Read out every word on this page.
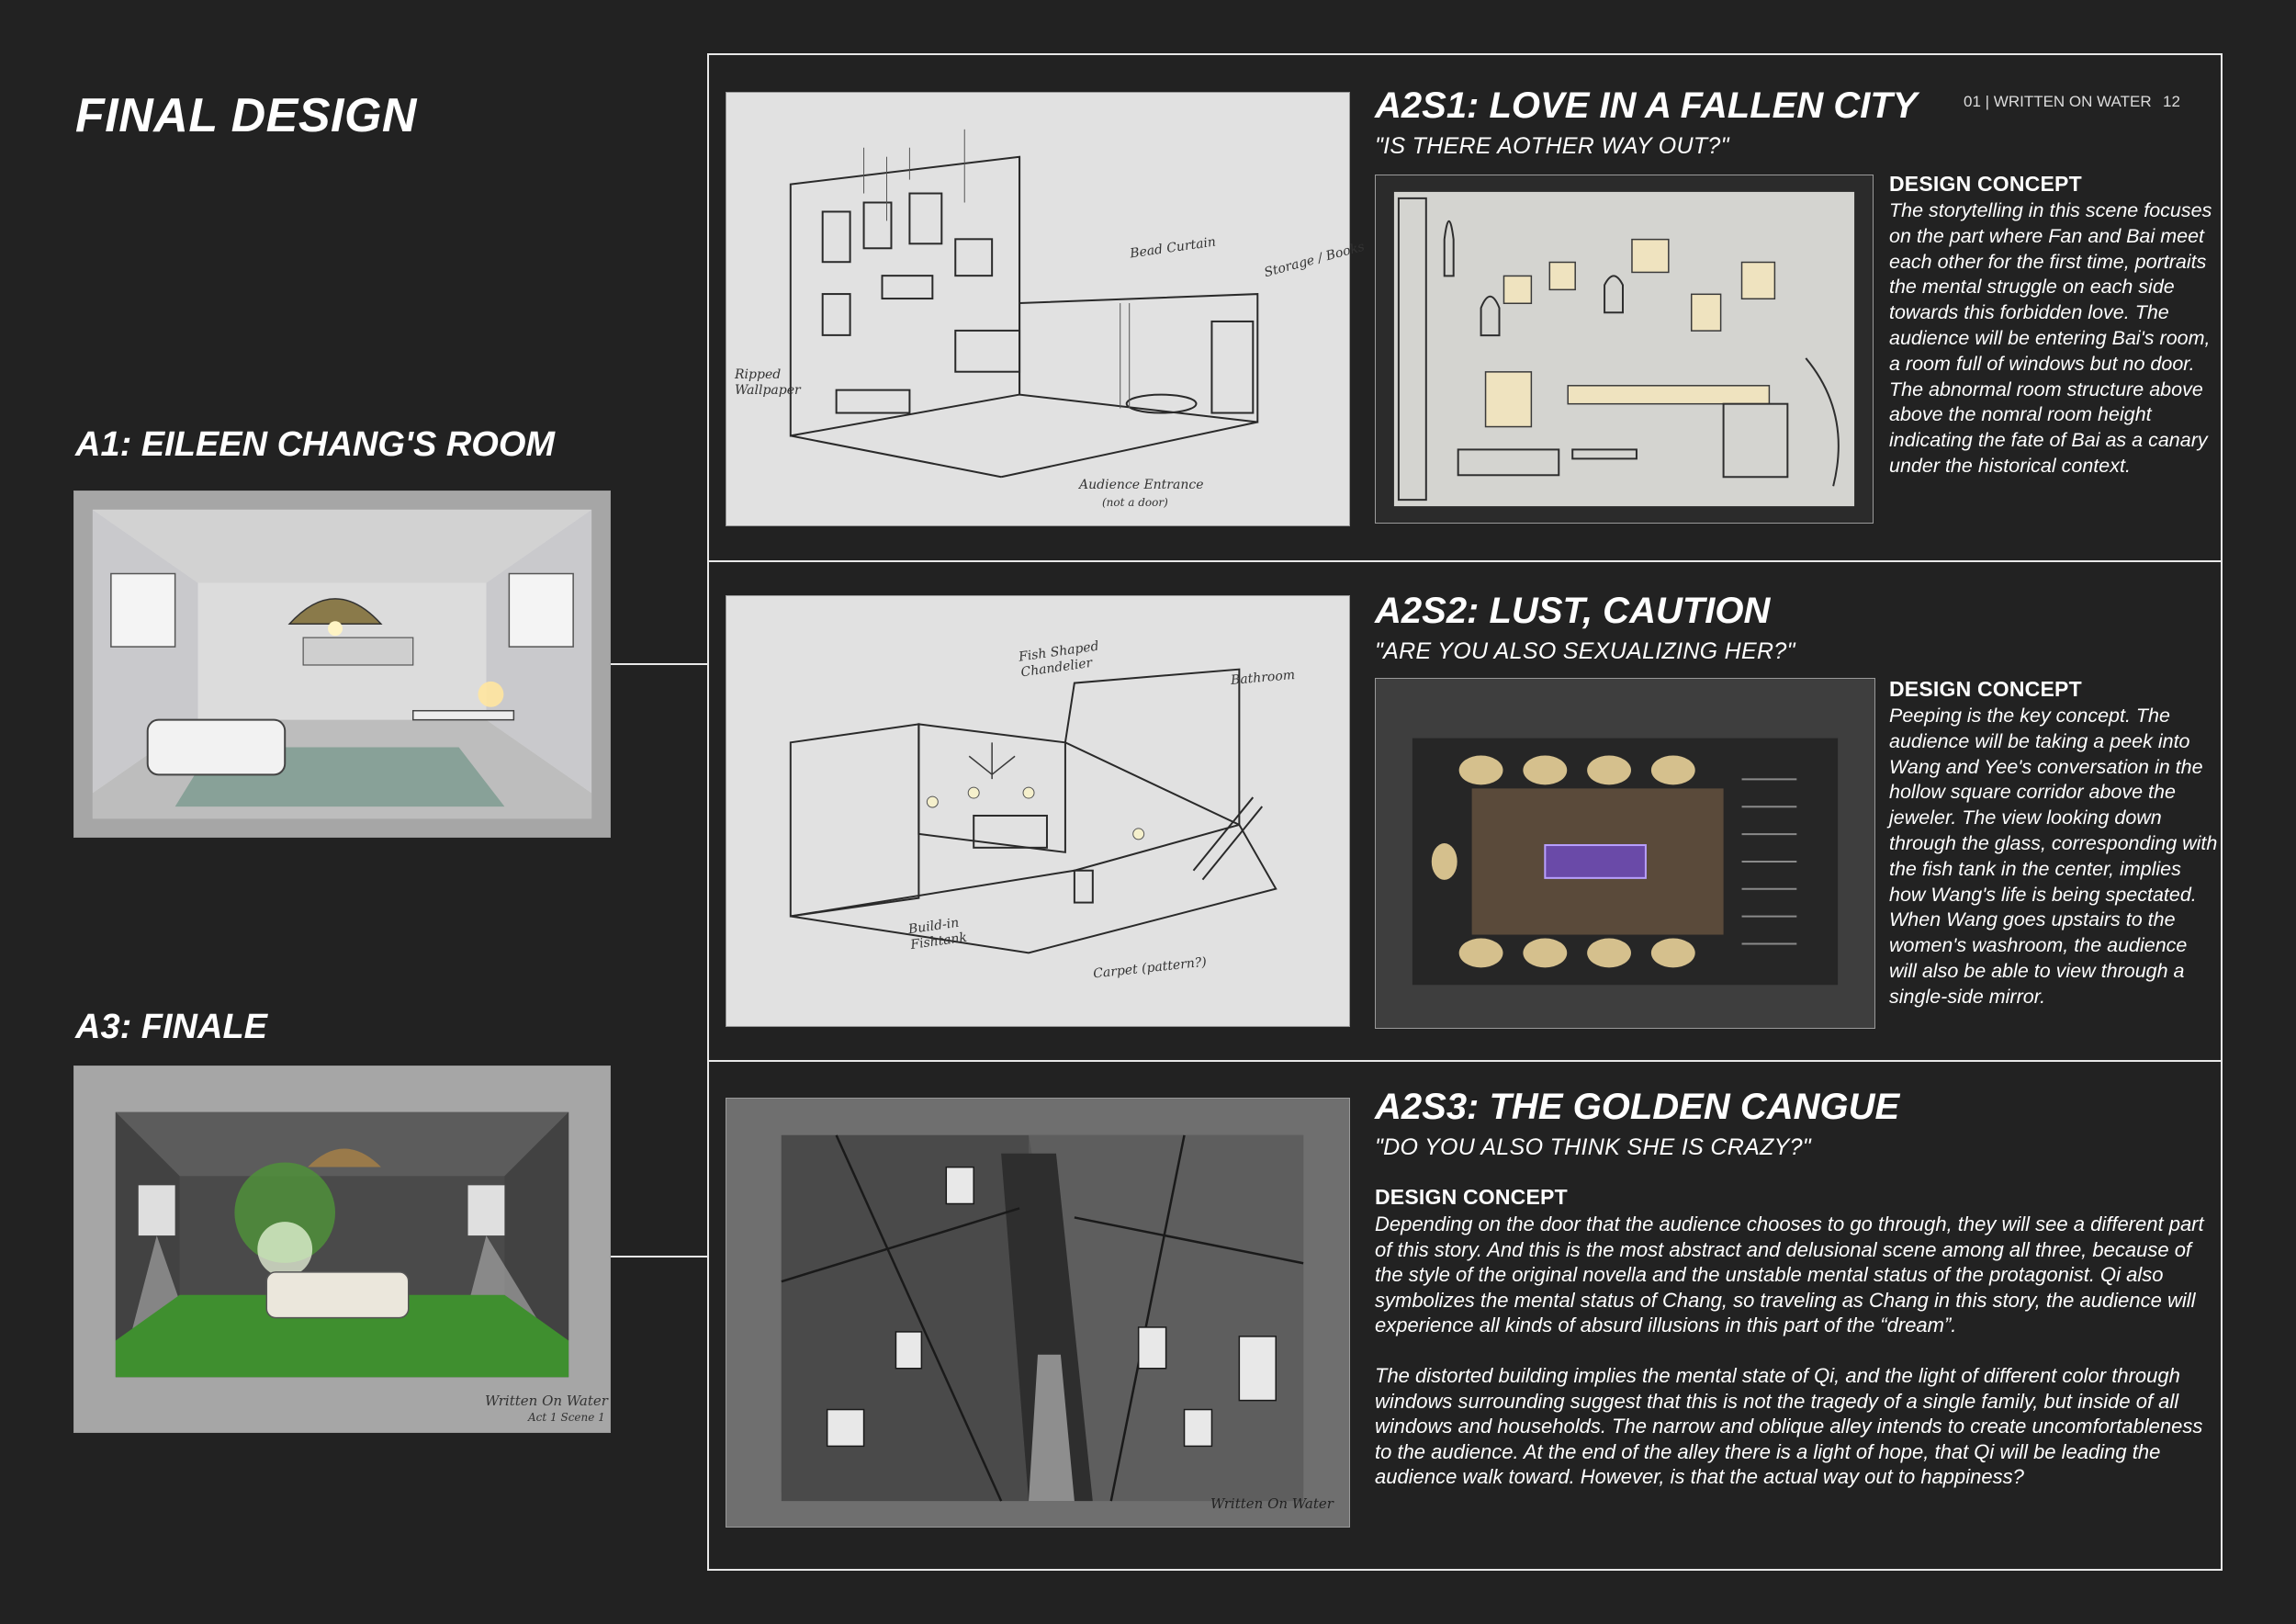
FINAL DESIGN
A1: EILEEN CHANG'S ROOM
A3: FINALE
Written On Water
Act 1 Scene 1
01 | WRITTEN ON WATER 12
Bead Curtain	Storage / Books
Ripped Wallpaper
Audience Entrance
(not a door)
A2S1: LOVE IN A FALLEN CITY
"IS THERE AOTHER WAY OUT?"
DESIGN CONCEPT

The storytelling in this scene focuses on the part where Fan and Bai meet each other for the first time, portraits the mental struggle on each side towards this forbidden love. The audience will be entering Bai's room, a room full of windows but no door. The abnormal room structure above above the nomral room height indicating the fate of Bai as a canary under the historical context.

Fish Shaped Chandelier	Bathroom
Build-in Fishtank
Carpet (pattern?)
A2S2: LUST, CAUTION
"ARE YOU ALSO SEXUALIZING HER?"
DESIGN CONCEPT

Peeping is the key concept. The audience will be taking a peek into Wang and Yee's conversation in the hollow square corridor above the jeweler. The view looking down through the glass, corresponding with the fish tank in the center, implies how Wang's life is being spectated. When Wang goes upstairs to the women's washroom, the audience will also be able to view through a single-side mirror.

Written On Water
A2S3: THE GOLDEN CANGUE
"DO YOU ALSO THINK SHE IS CRAZY?"
DESIGN CONCEPT

Depending on the door that the audience chooses to go through, they will see a different part of this story. And this is the most abstract and delusional scene among all three, because of the style of the original novella and the unstable mental status of the protagonist. Qi also symbolizes the mental status of Chang, so traveling as Chang in this story, the audience will experience all kinds of absurd illusions in this part of the “dream”.

The distorted building implies the mental state of Qi, and the light of different color through windows surrounding suggest that this is not the tragedy of a single family, but inside of all windows and households. The narrow and oblique alley intends to create uncomfortableness to the audience. At the end of the alley there is a light of hope, that Qi will be leading the audience walk toward. However, is that the actual way out to happiness?
